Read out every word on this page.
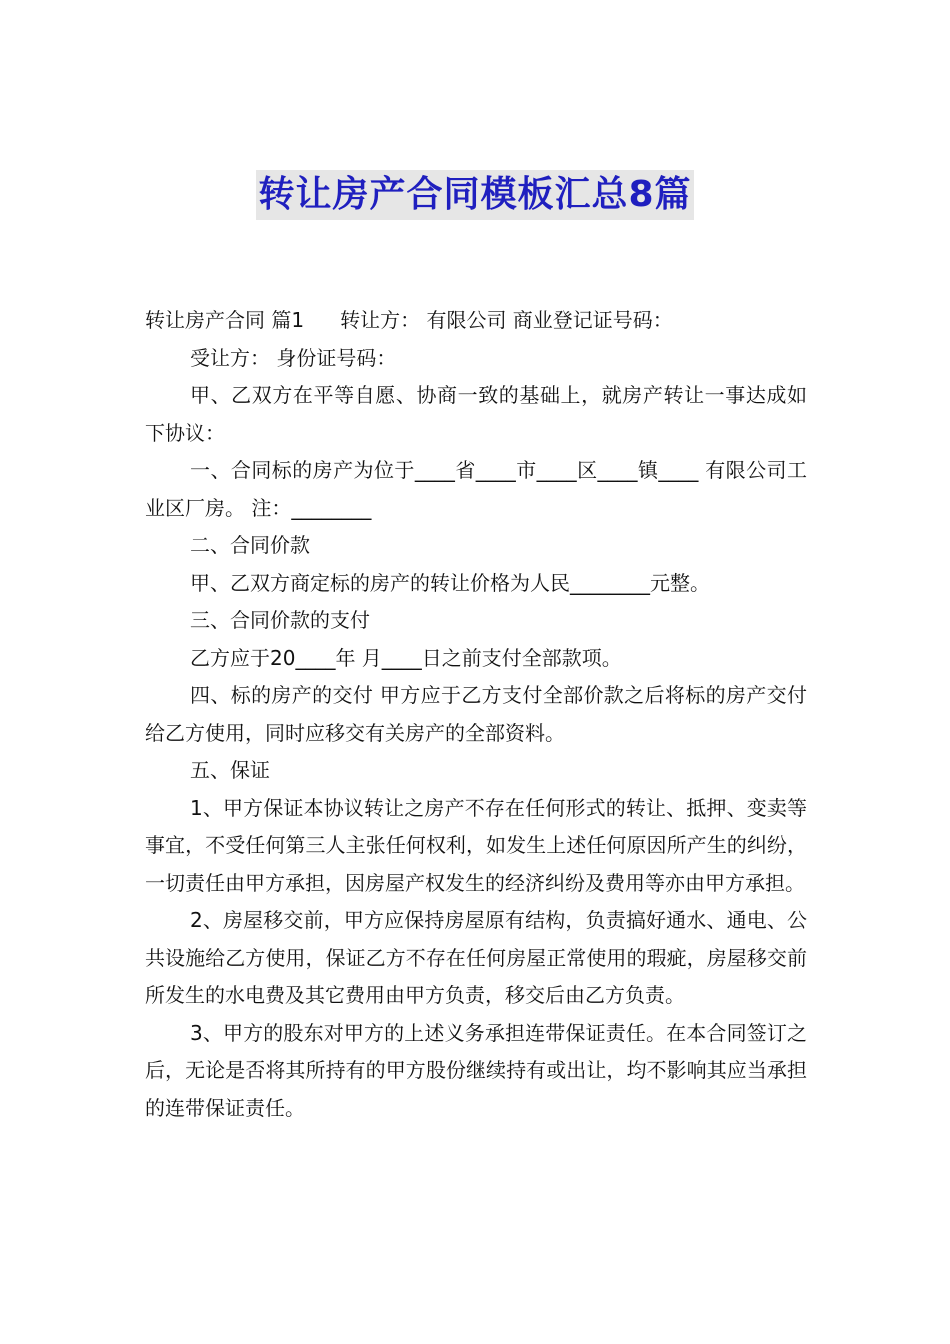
转让房产合同模板汇总8篇

转让房产合同 篇1 转让方： 有限公司 商业登记证号码：

受让方： 身份证号码：

甲、乙双方在平等自愿、协商一致的基础上，就房产转让一事达成如下协议：

一、合同标的房产为位于____省____市____区____镇____ 有限公司工业区厂房。 注：________

二、合同价款

甲、乙双方商定标的房产的转让价格为人民________元整。

三、合同价款的支付

乙方应于20____年 月____日之前支付全部款项。

四、标的房产的交付 甲方应于乙方支付全部价款之后将标的房产交付给乙方使用，同时应移交有关房产的全部资料。

五、保证

1、甲方保证本协议转让之房产不存在任何形式的转让、抵押、变卖等事宜，不受任何第三人主张任何权利，如发生上述任何原因所产生的纠纷，一切责任由甲方承担，因房屋产权发生的经济纠纷及费用等亦由甲方承担。

2、房屋移交前，甲方应保持房屋原有结构，负责搞好通水、通电、公共设施给乙方使用，保证乙方不存在任何房屋正常使用的瑕疵，房屋移交前所发生的水电费及其它费用由甲方负责，移交后由乙方负责。

3、甲方的股东对甲方的上述义务承担连带保证责任。在本合同签订之后，无论是否将其所持有的甲方股份继续持有或出让，均不影响其应当承担的连带保证责任。
